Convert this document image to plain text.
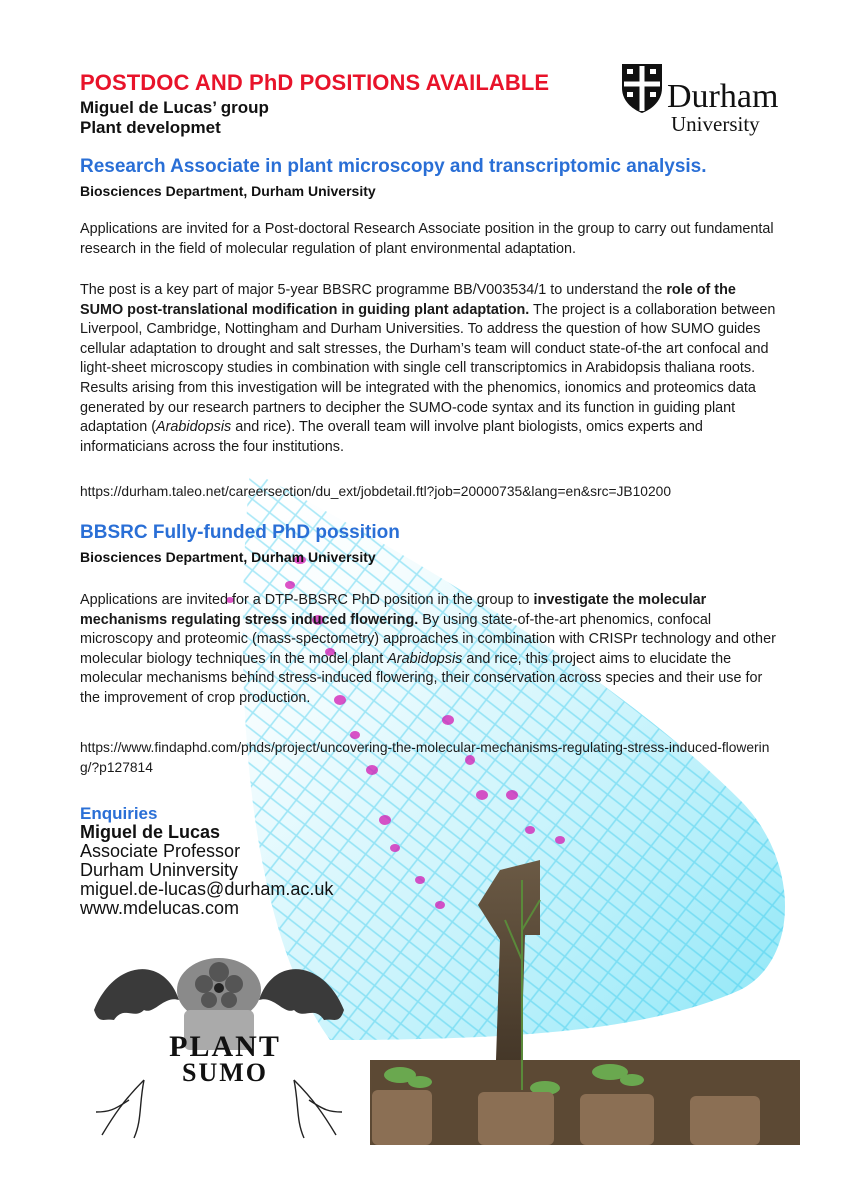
POSTDOC AND PhD POSITIONS AVAILABLE
Miguel de Lucas’ group
Plant developmet
Durham
University
Research Associate in plant microscopy and transcriptomic analysis.
Biosciences Department, Durham University
Applications are invited for a Post-doctoral Research Associate position in the group to carry out fundamental research in the field of molecular regulation of plant environmental adaptation.
The post is a key part of major 5-year BBSRC programme BB/V003534/1 to understand the role of the SUMO post-translational modification in guiding plant adaptation. The project is a collaboration between Liverpool, Cambridge, Nottingham and Durham Universities. To address the question of how SUMO guides cellular adaptation to drought and salt stresses, the Durham’s team will conduct state-of-the art confocal and light-sheet microscopy studies in combination with single cell transcriptomics in Arabidopsis thaliana roots. Results arising from this investigation will be integrated with the phenomics, ionomics and proteomics data generated by our research partners to decipher the SUMO-code syntax and its function in guiding plant adaptation (Arabidopsis and rice). The overall team will involve plant biologists, omics experts and informaticians across the four institutions.
https://durham.taleo.net/careersection/du_ext/jobdetail.ftl?job=20000735&lang=en&src=JB10200
BBSRC Fully-funded PhD possition
Biosciences Department, Durham University
Applications are invited for a DTP-BBSRC PhD position in the group to investigate the molecular mechanisms regulating stress induced flowering. By using state-of-the-art phenomics, confocal microscopy and proteomic (mass-spectometry) approaches in combination with CRISPr technology and other molecular biology techniques in the model plant Arabidopsis and rice, this project aims to elucidate the molecular mechanisms behind stress-induced flowering, their conservation across species and their use for the improvement of crop production.
https://www.findaphd.com/phds/project/uncovering-the-molecular-mechanisms-regulating-stress-induced-flowering/?p127814
Enquiries
Miguel de Lucas
Associate Professor
Durham Uninversity
miguel.de-lucas@durham.ac.uk
www.mdelucas.com
PLANT
SUMO
